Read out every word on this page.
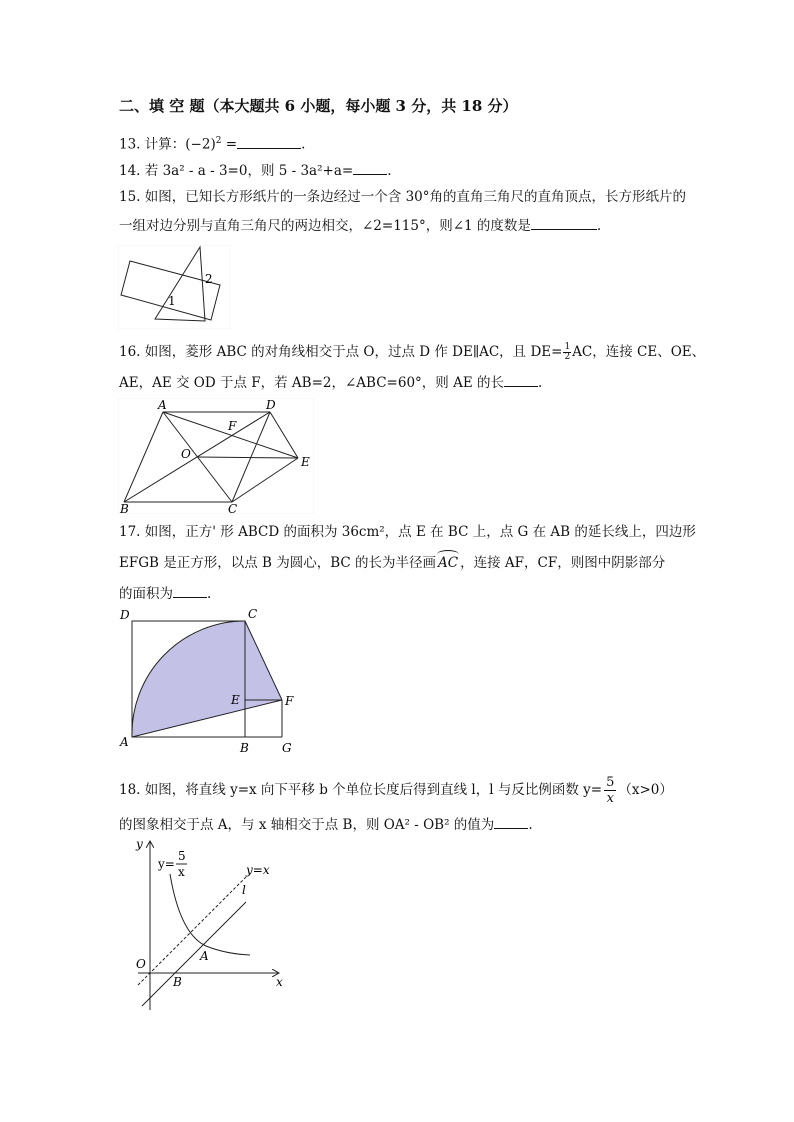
二、填 空 题（本大题共 6 小题，每小题 3 分，共 18 分）
13. 计算：$(-2)^2$ =	.
14. 若 3a² ‑ a ‑ 3=0，则 5 ‑ 3a²+a=	.
15. 如图，已知长方形纸片的一条边经过一个含 30°角的直角三角尺的直角顶点，长方形纸片的
一组对边分别与直角三角尺的两边相交，∠2=115°，则∠1 的度数是	.
1
2
16. 如图，菱形 ABC 的对角线相交于点 O，过点 D 作 DE∥AC，且 $DE= \frac{1}{2}$ AC，连接 CE、OE、
AE，AE 交 OD 于点 F，若 AB=2，∠ABC=60°，则 AE 的长	.
A	D
F
O
E
B	C
17. 如图，正方' 形 ABCD 的面积为 36cm²，点 E 在 BC 上，点 G 在 AB 的延长线上，四边形
EFGB 是正方形，以点 B 为圆心，BC 的长为半径画 AC ，连接 AF，CF，则图中阴影部分
的面积为	.
D	C
E	F
A	B	G
18. 如图，将直线 y=x 向下平移 b 个单位长度后得到直线 l，l 与反比例函数 $y= \frac{5}{x} (x>0)$
的图象相交于点 A，与 x 轴相交于点 B，则 OA² ‑ OB² 的值为	.
y
x
O
A
B
l
y=x
y=
5
x
